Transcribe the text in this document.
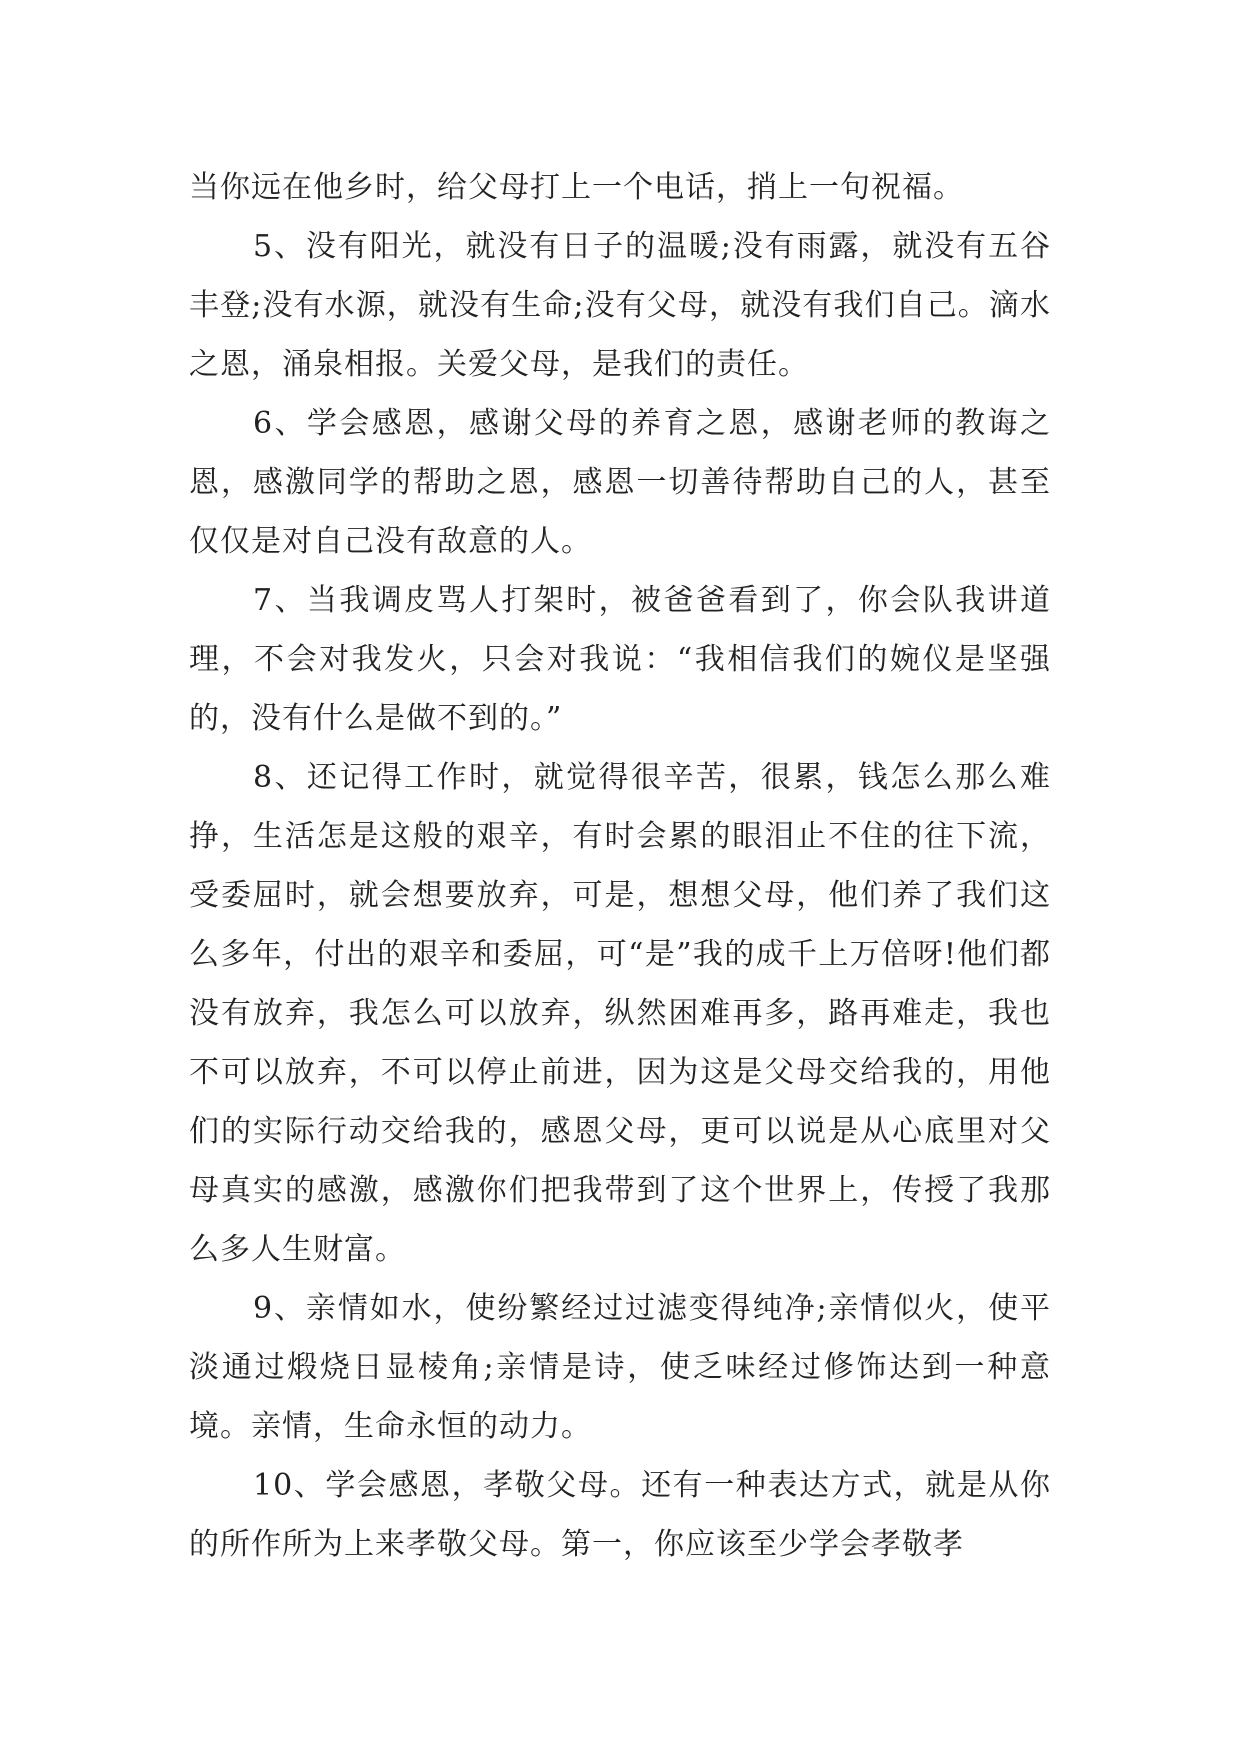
当你远在他乡时，给父母打上一个电话，捎上一句祝福。

5、没有阳光，就没有日子的温暖;没有雨露，就没有五谷丰登;没有水源，就没有生命;没有父母，就没有我们自己。滴水之恩，涌泉相报。关爱父母，是我们的责任。

6、学会感恩，感谢父母的养育之恩，感谢老师的教诲之恩，感激同学的帮助之恩，感恩一切善待帮助自己的人，甚至仅仅是对自己没有敌意的人。

7、当我调皮骂人打架时，被爸爸看到了，你会队我讲道理，不会对我发火，只会对我说：“我相信我们的婉仪是坚强的，没有什么是做不到的。”

8、还记得工作时，就觉得很辛苦，很累，钱怎么那么难挣，生活怎是这般的艰辛，有时会累的眼泪止不住的往下流，受委屈时，就会想要放弃，可是，想想父母，他们养了我们这么多年，付出的艰辛和委屈，可“是”我的成千上万倍呀!他们都没有放弃，我怎么可以放弃，纵然困难再多，路再难走，我也不可以放弃，不可以停止前进，因为这是父母交给我的，用他们的实际行动交给我的，感恩父母，更可以说是从心底里对父母真实的感激，感激你们把我带到了这个世界上，传授了我那么多人生财富。

9、亲情如水，使纷繁经过过滤变得纯净;亲情似火，使平淡通过煅烧日显棱角;亲情是诗，使乏味经过修饰达到一种意境。亲情，生命永恒的动力。

10、学会感恩，孝敬父母。还有一种表达方式，就是从你的所作所为上来孝敬父母。第一，你应该至少学会孝敬孝
